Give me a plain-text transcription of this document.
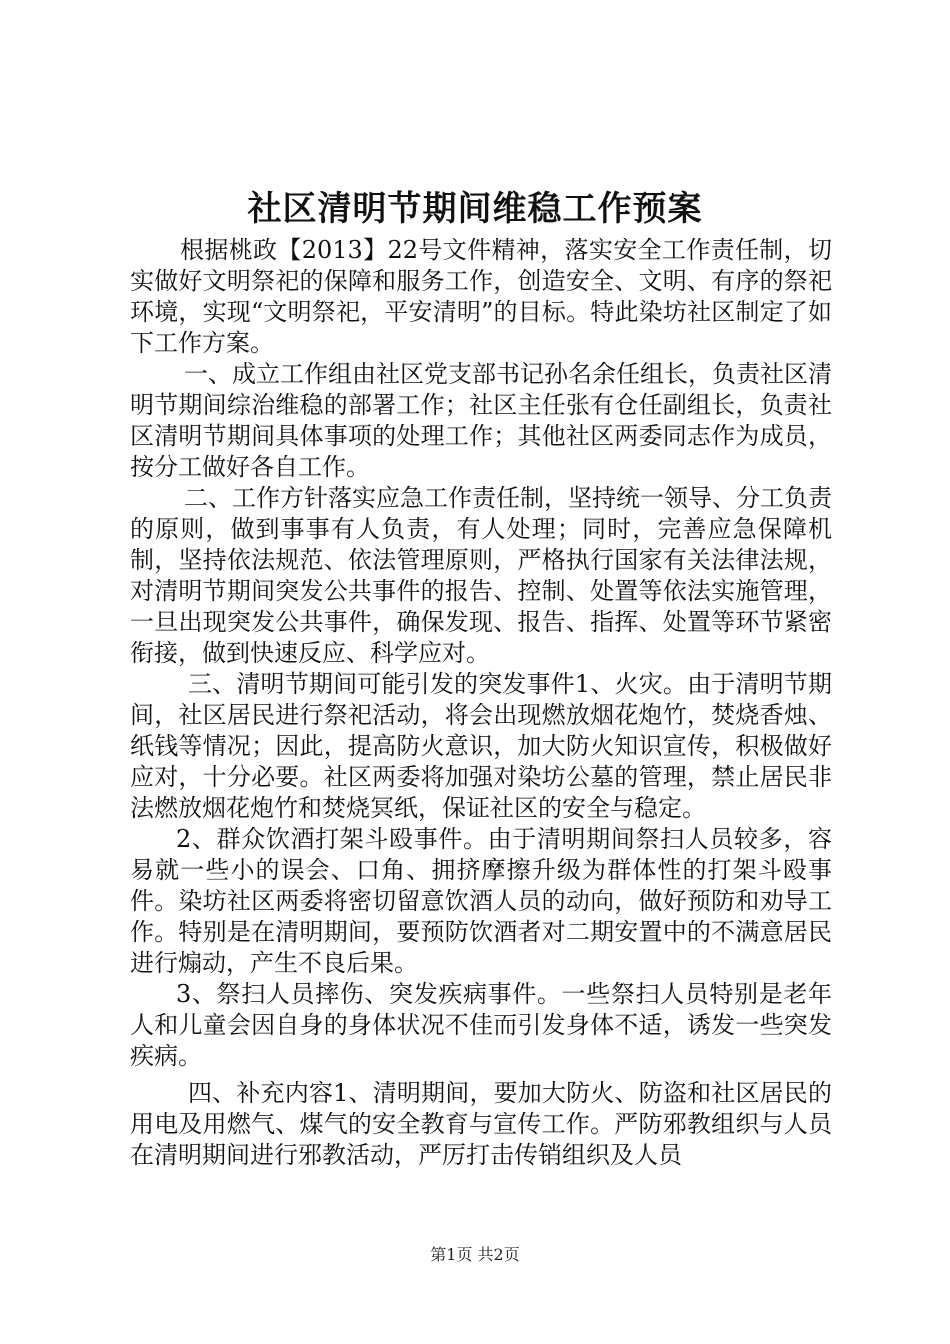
社区清明节期间维稳工作预案

根据桃政【2013】22号文件精神，落实安全工作责任制，切实做好文明祭祀的保障和服务工作，创造安全、文明、有序的祭祀环境，实现“文明祭祀，平安清明”的目标。特此染坊社区制定了如下工作方案。

一、成立工作组由社区党支部书记孙名余任组长，负责社区清明节期间综治维稳的部署工作；社区主任张有仓任副组长，负责社区清明节期间具体事项的处理工作；其他社区两委同志作为成员，按分工做好各自工作。

二、工作方针落实应急工作责任制，坚持统一领导、分工负责的原则，做到事事有人负责，有人处理；同时，完善应急保障机制，坚持依法规范、依法管理原则，严格执行国家有关法律法规，对清明节期间突发公共事件的报告、控制、处置等依法实施管理，一旦出现突发公共事件，确保发现、报告、指挥、处置等环节紧密衔接，做到快速反应、科学应对。

三、清明节期间可能引发的突发事件1、火灾。由于清明节期间，社区居民进行祭祀活动，将会出现燃放烟花炮竹，焚烧香烛、纸钱等情况；因此，提高防火意识，加大防火知识宣传，积极做好应对，十分必要。社区两委将加强对染坊公墓的管理，禁止居民非法燃放烟花炮竹和焚烧冥纸，保证社区的安全与稳定。

2、群众饮酒打架斗殴事件。由于清明期间祭扫人员较多，容易就一些小的误会、口角、拥挤摩擦升级为群体性的打架斗殴事件。染坊社区两委将密切留意饮酒人员的动向，做好预防和劝导工作。特别是在清明期间，要预防饮酒者对二期安置中的不满意居民进行煽动，产生不良后果。

3、祭扫人员摔伤、突发疾病事件。一些祭扫人员特别是老年人和儿童会因自身的身体状况不佳而引发身体不适，诱发一些突发疾病。

四、补充内容1、清明期间，要加大防火、防盗和社区居民的用电及用燃气、煤气的安全教育与宣传工作。严防邪教组织与人员在清明期间进行邪教活动，严厉打击传销组织及人员

第1页 共2页
